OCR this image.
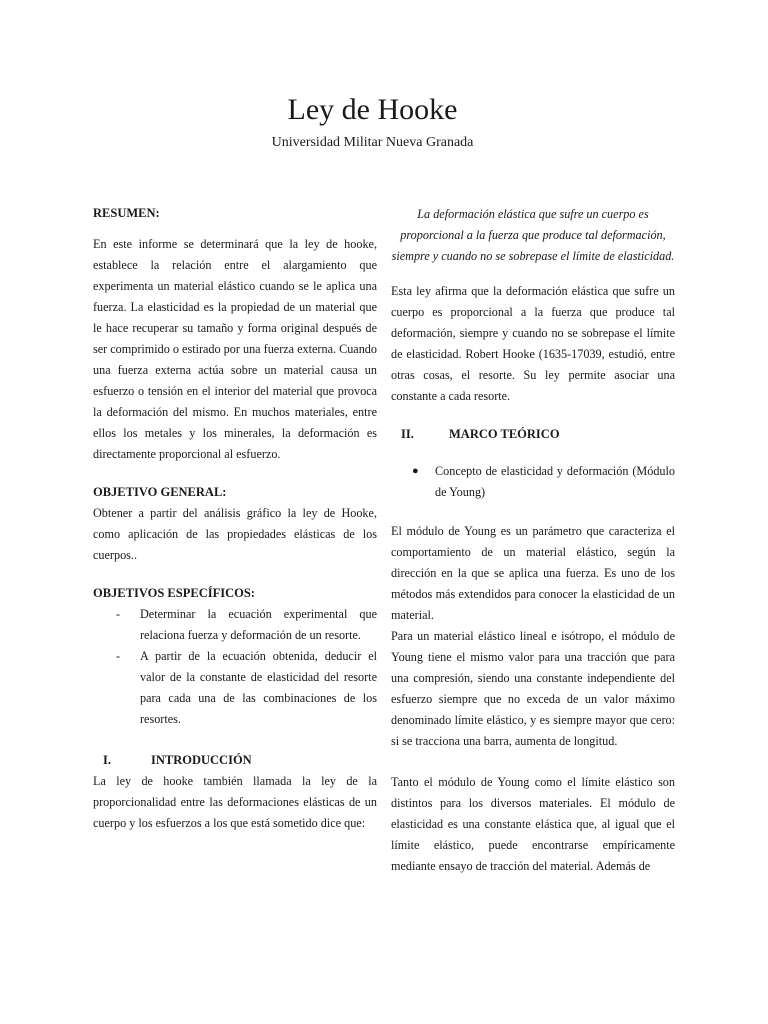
Ley de Hooke
Universidad Militar Nueva Granada
RESUMEN:

En este informe se determinará que la ley de hooke, establece la relación entre el alargamiento que experimenta un material elástico cuando se le aplica una fuerza. La elasticidad es la propiedad de un material que le hace recuperar su tamaño y forma original después de ser comprimido o estirado por una fuerza externa. Cuando una fuerza externa actúa sobre un material causa un esfuerzo o tensión en el interior del material que provoca la deformación del mismo. En muchos materiales, entre ellos los metales y los minerales, la deformación es directamente proporcional al esfuerzo.

OBJETIVO GENERAL:

Obtener a partir del análisis gráfico la ley de Hooke, como aplicación de las propiedades elásticas de los cuerpos..

OBJETIVOS ESPECÍFICOS:
- Determinar la ecuación experimental que relaciona fuerza y deformación de un resorte.
- A partir de la ecuación obtenida, deducir el valor de la constante de elasticidad del resorte para cada una de las combinaciones de los resortes.
I.	INTRODUCCIÓN

La ley de hooke también llamada la ley de la proporcionalidad entre las deformaciones elásticas de un cuerpo y los esfuerzos a los que está sometido dice que:

La deformación elástica que sufre un cuerpo es proporcional a la fuerza que produce tal deformación, siempre y cuando no se sobrepase el límite de elasticidad.

Esta ley afirma que la deformación elástica que sufre un cuerpo es proporcional a la fuerza que produce tal deformación, siempre y cuando no se sobrepase el límite de elasticidad. Robert Hooke (1635-17039, estudió, entre otras cosas, el resorte. Su ley permite asociar una constante a cada resorte.

II.	MARCO TEÓRICO
●	Concepto de elasticidad y deformación (Módulo de Young)

El módulo de Young es un parámetro que caracteriza el comportamiento de un material elástico, según la dirección en la que se aplica una fuerza. Es uno de los métodos más extendidos para conocer la elasticidad de un material.

Para un material elástico lineal e isótropo, el módulo de Young tiene el mismo valor para una tracción que para una compresión, siendo una constante independiente del esfuerzo siempre que no exceda de un valor máximo denominado límite elástico, y es siempre mayor que cero: si se tracciona una barra, aumenta de longitud.

Tanto el módulo de Young como el límite elástico son distintos para los diversos materiales. El módulo de elasticidad es una constante elástica que, al igual que el límite elástico, puede encontrarse empíricamente mediante ensayo de tracción del material. Además de
